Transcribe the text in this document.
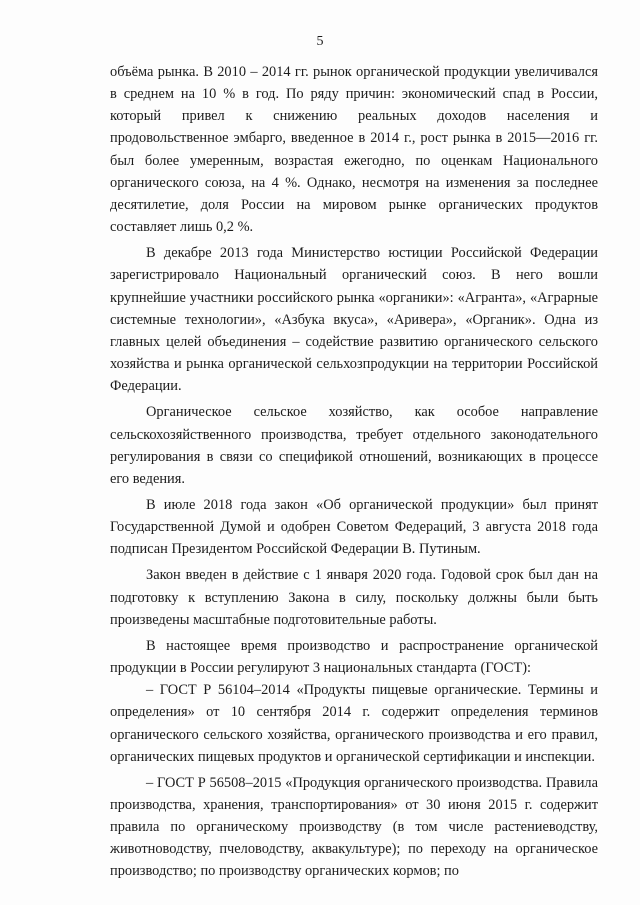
5

объёма рынка. В 2010 – 2014 гг. рынок органической продукции увеличивался в среднем на 10 % в год. По ряду причин: экономический спад в России, который привел к снижению реальных доходов населения и продовольственное эмбарго, введенное в 2014 г., рост рынка в 2015—2016 гг. был более умеренным, возрастая ежегодно, по оценкам Национального органического союза, на 4 %. Однако, несмотря на изменения за последнее десятилетие, доля России на мировом рынке органических продуктов составляет лишь 0,2 %.

В декабре 2013 года Министерство юстиции Российской Федерации зарегистрировало Национальный органический союз. В него вошли крупнейшие участники российского рынка «органики»: «Агранта», «Аграрные системные технологии», «Азбука вкуса», «Аривера», «Органик». Одна из главных целей объединения – содействие развитию органического сельского хозяйства и рынка органической сельхозпродукции на территории Российской Федерации.

Органическое сельское хозяйство, как особое направление сельскохозяйственного производства, требует отдельного законодательного регулирования в связи со спецификой отношений, возникающих в процессе его ведения.

В июле 2018 года закон «Об органической продукции» был принят Государственной Думой и одобрен Советом Федераций, 3 августа 2018 года подписан Президентом Российской Федерации В. Путиным.

Закон введен в действие с 1 января 2020 года. Годовой срок был дан на подготовку к вступлению Закона в силу, поскольку должны были быть произведены масштабные подготовительные работы.

В настоящее время производство и распространение органической продукции в России регулируют 3 национальных стандарта (ГОСТ):

– ГОСТ Р 56104–2014 «Продукты пищевые органические. Термины и определения» от 10 сентября 2014 г. содержит определения терминов органического сельского хозяйства, органического производства и его правил, органических пищевых продуктов и органической сертификации и инспекции.

– ГОСТ Р 56508–2015 «Продукция органического производства. Правила производства, хранения, транспортирования» от 30 июня 2015 г. содержит правила по органическому производству (в том числе растениеводству, животноводству, пчеловодству, аквакультуре); по переходу на органическое производство; по производству органических кормов; по
